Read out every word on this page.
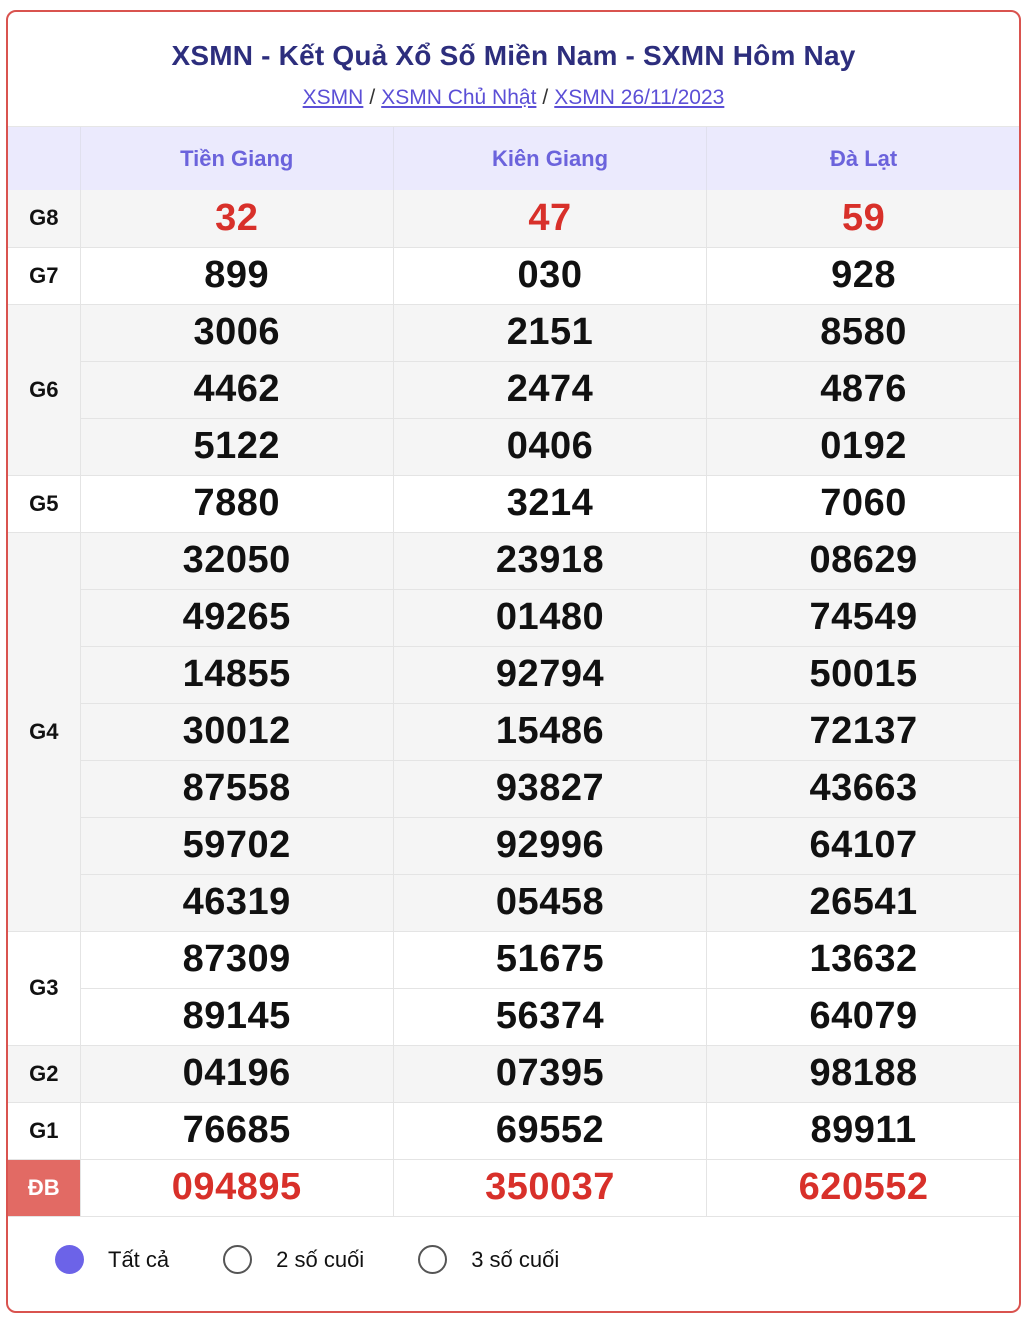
XSMN - Kết Quả Xổ Số Miền Nam - SXMN Hôm Nay
XSMN / XSMN Chủ Nhật / XSMN 26/11/2023
	Tiền Giang	Kiên Giang	Đà Lạt
G8	32	47	59
G7	899	030	928
G6	3006	2151	8580
	4462	2474	4876
	5122	0406	0192
G5	7880	3214	7060
G4	32050	23918	08629
	49265	01480	74549
	14855	92794	50015
	30012	15486	72137
	87558	93827	43663
	59702	92996	64107
	46319	05458	26541
G3	87309	51675	13632
	89145	56374	64079
G2	04196	07395	98188
G1	76685	69552	89911
ĐB	094895	350037	620552
Tất cả	2 số cuối	3 số cuối
